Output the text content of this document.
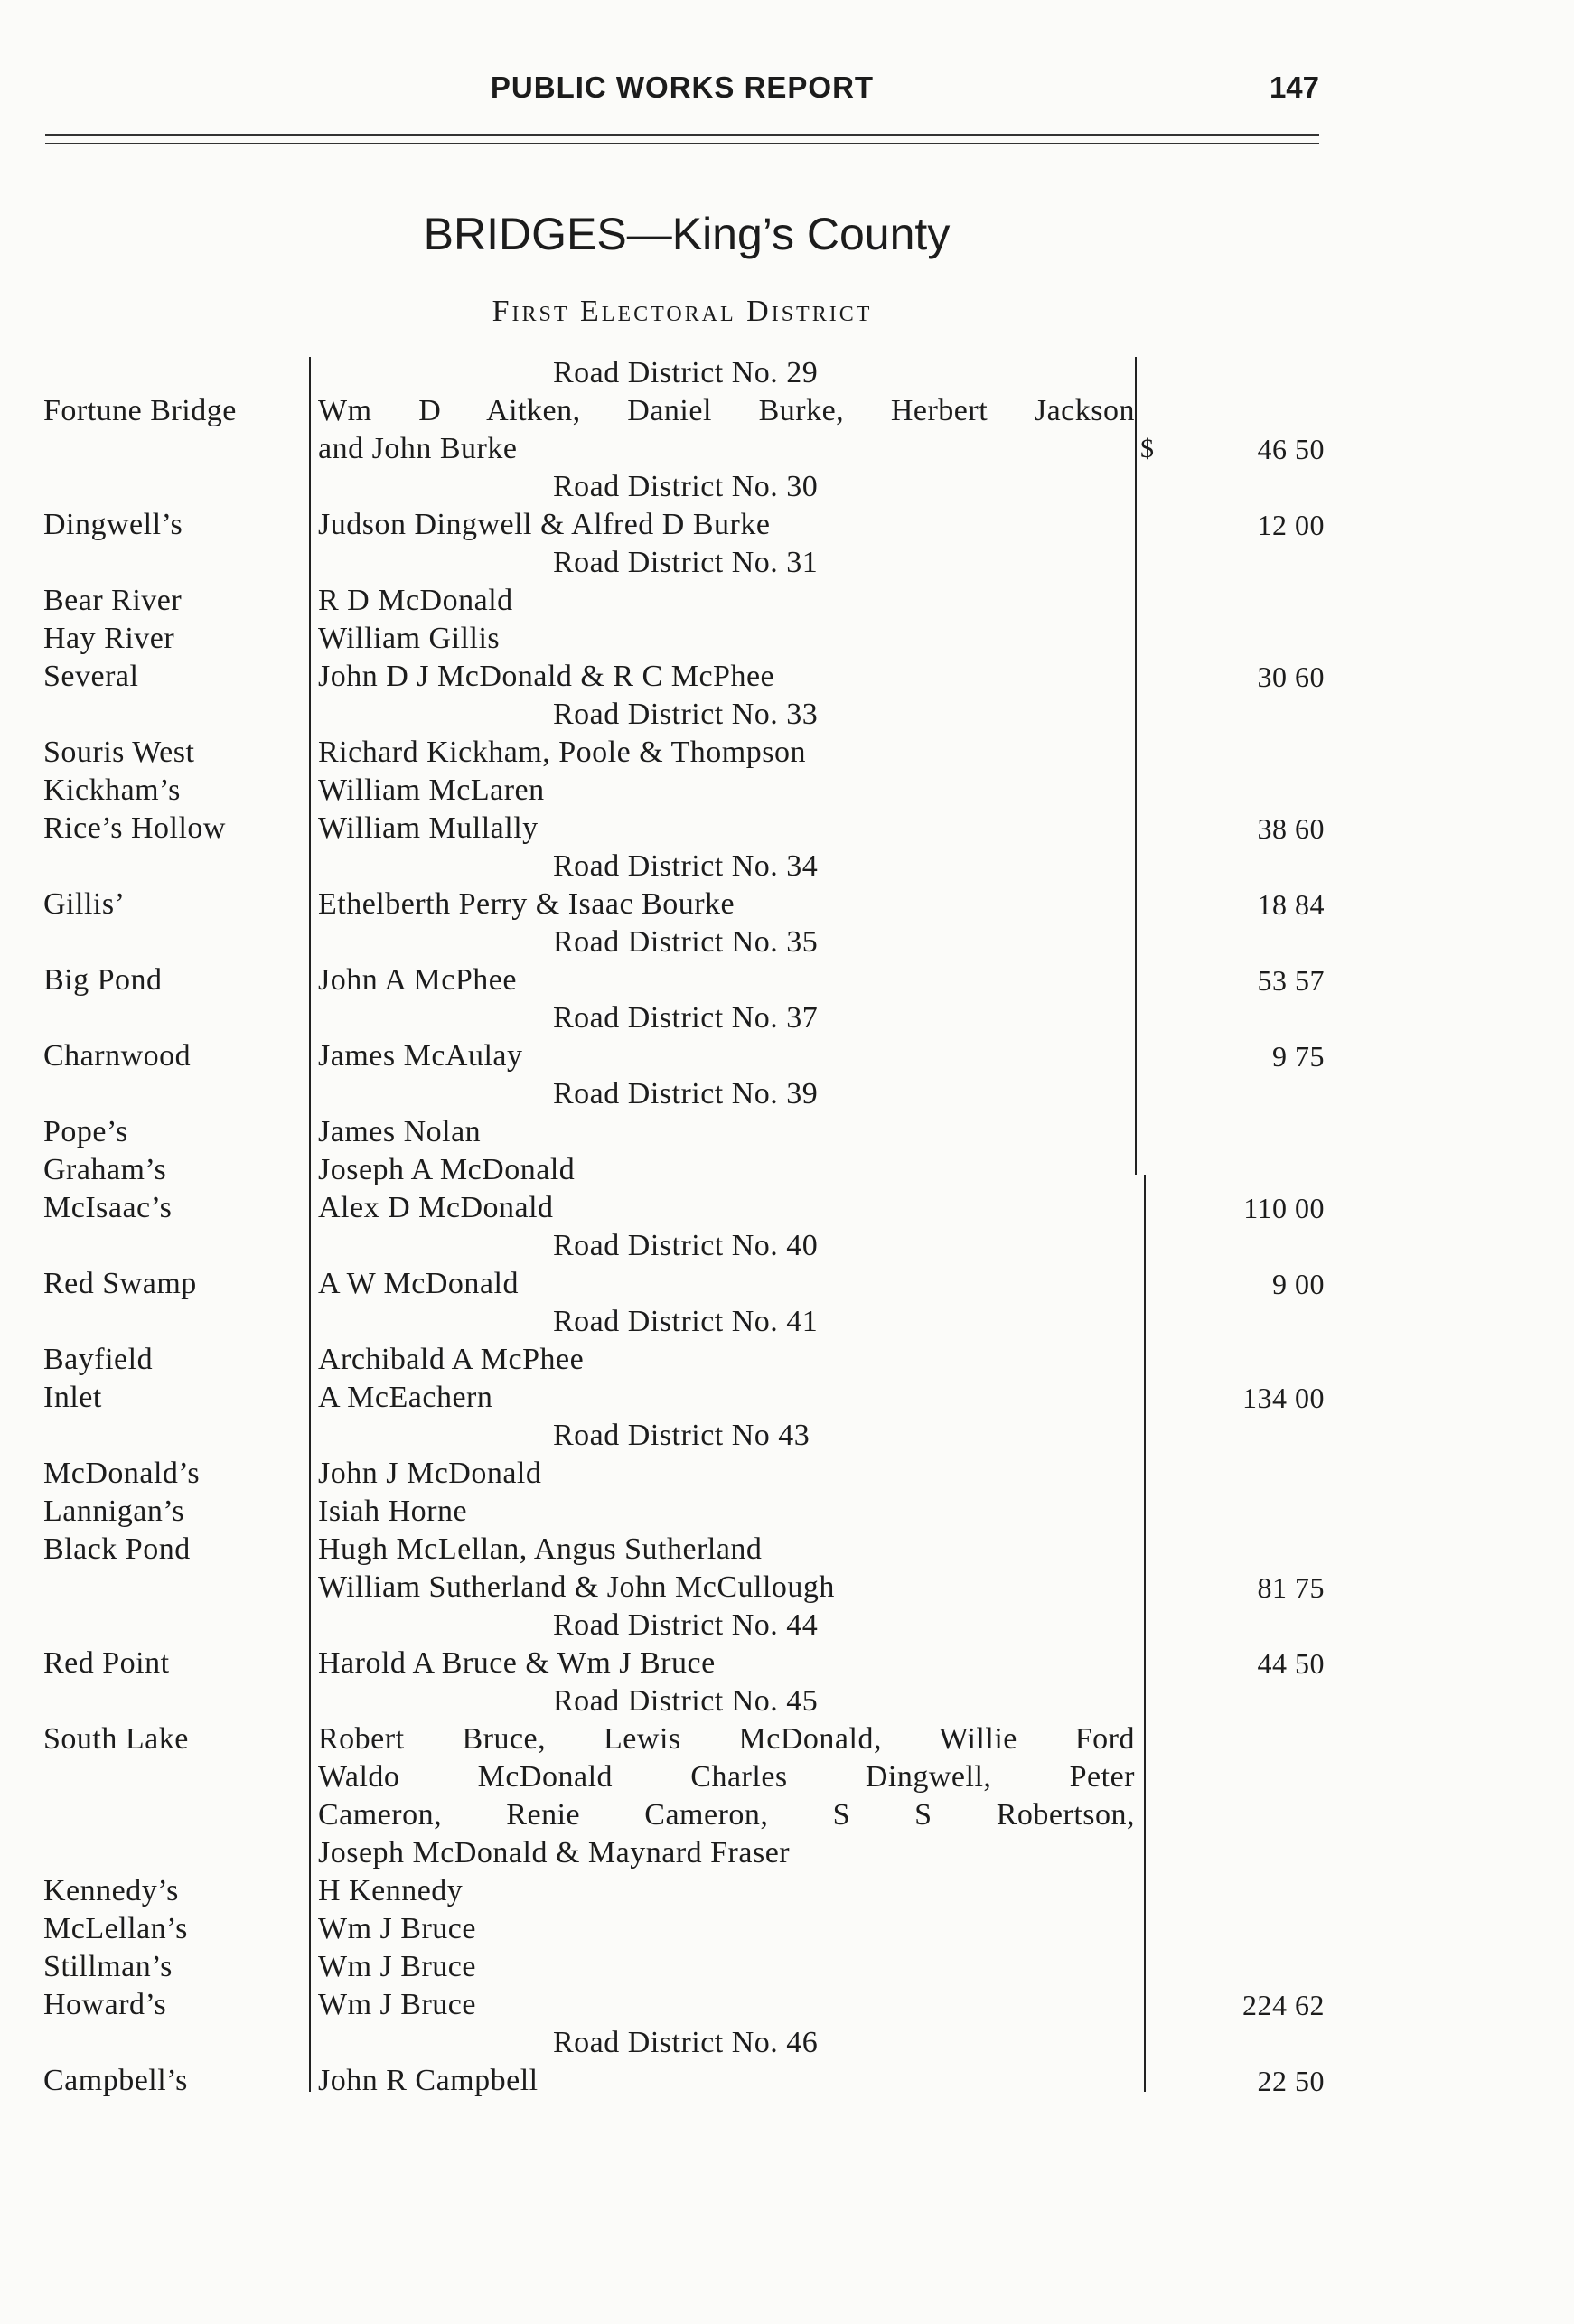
PUBLIC WORKS REPORT	147
BRIDGES—King’s County
First Electoral District
Road District No. 29
Fortune Bridge	Wm D Aitken, Daniel Burke, Herbert Jackson
and John Burke	$	46 50
Road District No. 30
Dingwell’s	Judson Dingwell & Alfred D Burke	12 00
Road District No. 31
Bear River	R D McDonald
Hay River	William Gillis
Several	John D J McDonald & R C McPhee	30 60
Road District No. 33
Souris West	Richard Kickham, Poole & Thompson
Kickham’s	William McLaren
Rice’s Hollow	William Mullally	38 60
Road District No. 34
Gillis’	Ethelberth Perry & Isaac Bourke	18 84
Road District No. 35
Big Pond	John A McPhee	53 57
Road District No. 37
Charnwood	James McAulay	9 75
Road District No. 39
Pope’s	James Nolan
Graham’s	Joseph A McDonald
McIsaac’s	Alex D McDonald	110 00
Road District No. 40
Red Swamp	A W McDonald	9 00
Road District No. 41
Bayfield	Archibald A McPhee
Inlet	A McEachern	134 00
Road District No 43
McDonald’s	John J McDonald
Lannigan’s	Isiah Horne
Black Pond	Hugh McLellan, Angus Sutherland
William Sutherland & John McCullough	81 75
Road District No. 44
Red Point	Harold A Bruce & Wm J Bruce	44 50
Road District No. 45
South Lake	Robert Bruce, Lewis McDonald, Willie Ford
Waldo McDonald Charles Dingwell, Peter
Cameron, Renie Cameron, S S Robertson,
Joseph McDonald & Maynard Fraser
Kennedy’s	H Kennedy
McLellan’s	Wm J Bruce
Stillman’s	Wm J Bruce
Howard’s	Wm J Bruce	224 62
Road District No. 46
Campbell’s	John R Campbell	22 50
